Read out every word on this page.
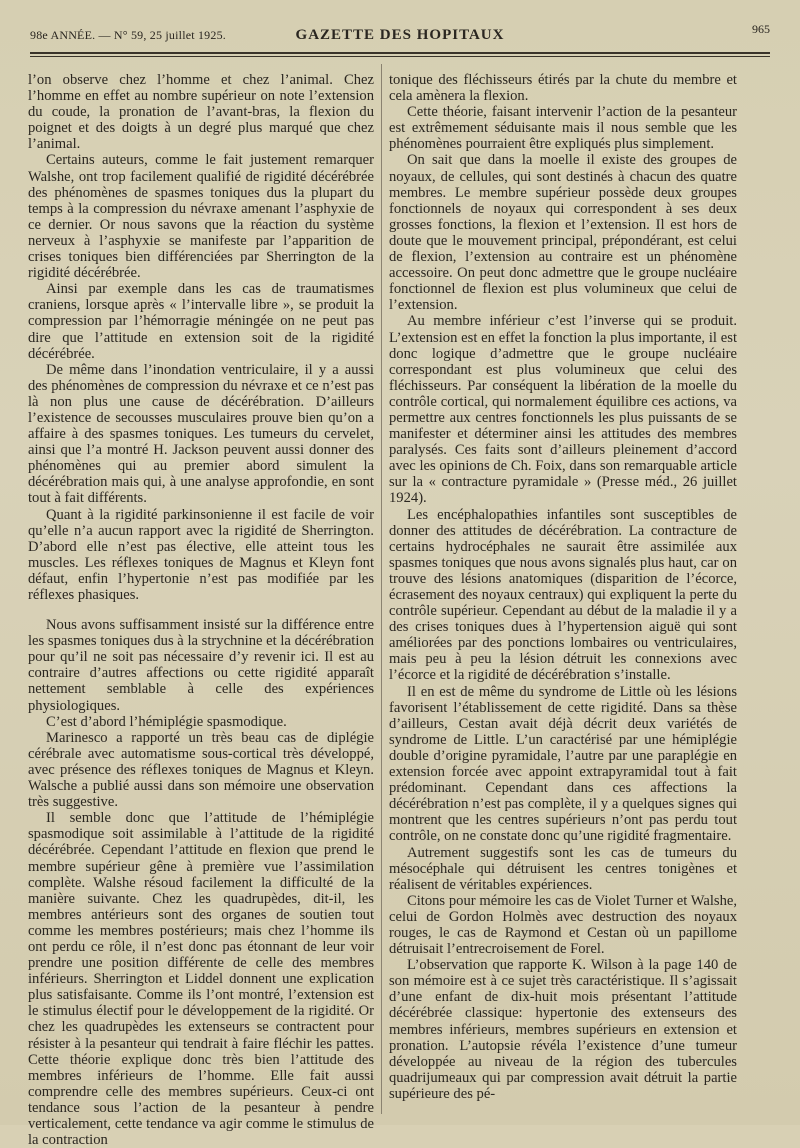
98e ANNÉE. — N° 59, 25 juillet 1925.	GAZETTE DES HOPITAUX	965

l’on observe chez l’homme et chez l’animal. Chez l’homme en effet au nombre supérieur on note l’extension du coude, la pronation de l’avant-bras, la flexion du poignet et des doigts à un degré plus marqué que chez l’animal.

Certains auteurs, comme le fait justement remarquer Walshe, ont trop facilement qualifié de rigidité décérébrée des phénomènes de spasmes toniques dus la plupart du temps à la compression du névraxe amenant l’asphyxie de ce dernier. Or nous savons que la réaction du système nerveux à l’asphyxie se manifeste par l’apparition de crises toniques bien différenciées par Sherrington de la rigidité décérébrée.

Ainsi par exemple dans les cas de traumatismes craniens, lorsque après « l’intervalle libre », se produit la compression par l’hémorragie méningée on ne peut pas dire que l’attitude en extension soit de la rigidité décérébrée.

De même dans l’inondation ventriculaire, il y a aussi des phénomènes de compression du névraxe et ce n’est pas là non plus une cause de décérébration. D’ailleurs l’existence de secousses musculaires prouve bien qu’on a affaire à des spasmes toniques. Les tumeurs du cervelet, ainsi que l’a montré H. Jackson peuvent aussi donner des phénomènes qui au premier abord simulent la décérébration mais qui, à une analyse approfondie, en sont tout à fait différents.

Quant à la rigidité parkinsonienne il est facile de voir qu’elle n’a aucun rapport avec la rigidité de Sherrington. D’abord elle n’est pas élective, elle atteint tous les muscles. Les réflexes toniques de Magnus et Kleyn font défaut, enfin l’hypertonie n’est pas modifiée par les réflexes phasiques.

Nous avons suffisamment insisté sur la différence entre les spasmes toniques dus à la strychnine et la décérébration pour qu’il ne soit pas nécessaire d’y revenir ici. Il est au contraire d’autres affections ou cette rigidité apparaît nettement semblable à celle des expériences physiologiques.

C’est d’abord l’hémiplégie spasmodique.

Marinesco a rapporté un très beau cas de diplégie cérébrale avec automatisme sous-cortical très développé, avec présence des réflexes toniques de Magnus et Kleyn. Walsche a publié aussi dans son mémoire une observation très suggestive.

Il semble donc que l’attitude de l’hémiplégie spasmodique soit assimilable à l’attitude de la rigidité décérébrée. Cependant l’attitude en flexion que prend le membre supérieur gêne à première vue l’assimilation complète. Walshe résoud facilement la difficulté de la manière suivante. Chez les quadrupèdes, dit-il, les membres antérieurs sont des organes de soutien tout comme les membres postérieurs; mais chez l’homme ils ont perdu ce rôle, il n’est donc pas étonnant de leur voir prendre une position différente de celle des membres inférieurs. Sherrington et Liddel donnent une explication plus satisfaisante. Comme ils l’ont montré, l’extension est le stimulus électif pour le développement de la rigidité. Or chez les quadrupèdes les extenseurs se contractent pour résister à la pesanteur qui tendrait à faire fléchir les pattes. Cette théorie explique donc très bien l’attitude des membres inférieurs de l’homme. Elle fait aussi comprendre celle des membres supérieurs. Ceux-ci ont tendance sous l’action de la pesanteur à pendre verticalement, cette tendance va agir comme le stimulus de la contraction

tonique des fléchisseurs étirés par la chute du membre et cela amènera la flexion.

Cette théorie, faisant intervenir l’action de la pesanteur est extrêmement séduisante mais il nous semble que les phénomènes pourraient être expliqués plus simplement.

On sait que dans la moelle il existe des groupes de noyaux, de cellules, qui sont destinés à chacun des quatre membres. Le membre supérieur possède deux groupes fonctionnels de noyaux qui correspondent à ses deux grosses fonctions, la flexion et l’extension. Il est hors de doute que le mouvement principal, prépondérant, est celui de flexion, l’extension au contraire est un phénomène accessoire. On peut donc admettre que le groupe nucléaire fonctionnel de flexion est plus volumineux que celui de l’extension.

Au membre inférieur c’est l’inverse qui se produit. L’extension est en effet la fonction la plus importante, il est donc logique d’admettre que le groupe nucléaire correspondant est plus volumineux que celui des fléchisseurs. Par conséquent la libération de la moelle du contrôle cortical, qui normalement équilibre ces actions, va permettre aux centres fonctionnels les plus puissants de se manifester et déterminer ainsi les attitudes des membres paralysés. Ces faits sont d’ailleurs pleinement d’accord avec les opinions de Ch. Foix, dans son remarquable article sur la « contracture pyramidale » (Presse méd., 26 juillet 1924).

Les encéphalopathies infantiles sont susceptibles de donner des attitudes de décérébration. La contracture de certains hydrocéphales ne saurait être assimilée aux spasmes toniques que nous avons signalés plus haut, car on trouve des lésions anatomiques (disparition de l’écorce, écrasement des noyaux centraux) qui expliquent la perte du contrôle supérieur. Cependant au début de la maladie il y a des crises toniques dues à l’hypertension aiguë qui sont améliorées par des ponctions lombaires ou ventriculaires, mais peu à peu la lésion détruit les connexions avec l’écorce et la rigidité de décérébration s’installe.

Il en est de même du syndrome de Little où les lésions favorisent l’établissement de cette rigidité. Dans sa thèse d’ailleurs, Cestan avait déjà décrit deux variétés de syndrome de Little. L’un caractérisé par une hémiplégie double d’origine pyramidale, l’autre par une paraplégie en extension forcée avec appoint extrapyramidal tout à fait prédominant. Cependant dans ces affections la décérébration n’est pas complète, il y a quelques signes qui montrent que les centres supérieurs n’ont pas perdu tout contrôle, on ne constate donc qu’une rigidité fragmentaire.

Autrement suggestifs sont les cas de tumeurs du mésocéphale qui détruisent les centres tonigènes et réalisent de véritables expériences.

Citons pour mémoire les cas de Violet Turner et Walshe, celui de Gordon Holmès avec destruction des noyaux rouges, le cas de Raymond et Cestan où un papillome détruisait l’entrecroisement de Forel.

L’observation que rapporte K. Wilson à la page 140 de son mémoire est à ce sujet très caractéristique. Il s’agissait d’une enfant de dix-huit mois présentant l’attitude décérébrée classique: hypertonie des extenseurs des membres inférieurs, membres supérieurs en extension et pronation. L’autopsie révéla l’existence d’une tumeur développée au niveau de la région des tubercules quadrijumeaux qui par compression avait détruit la partie supérieure des pé-
